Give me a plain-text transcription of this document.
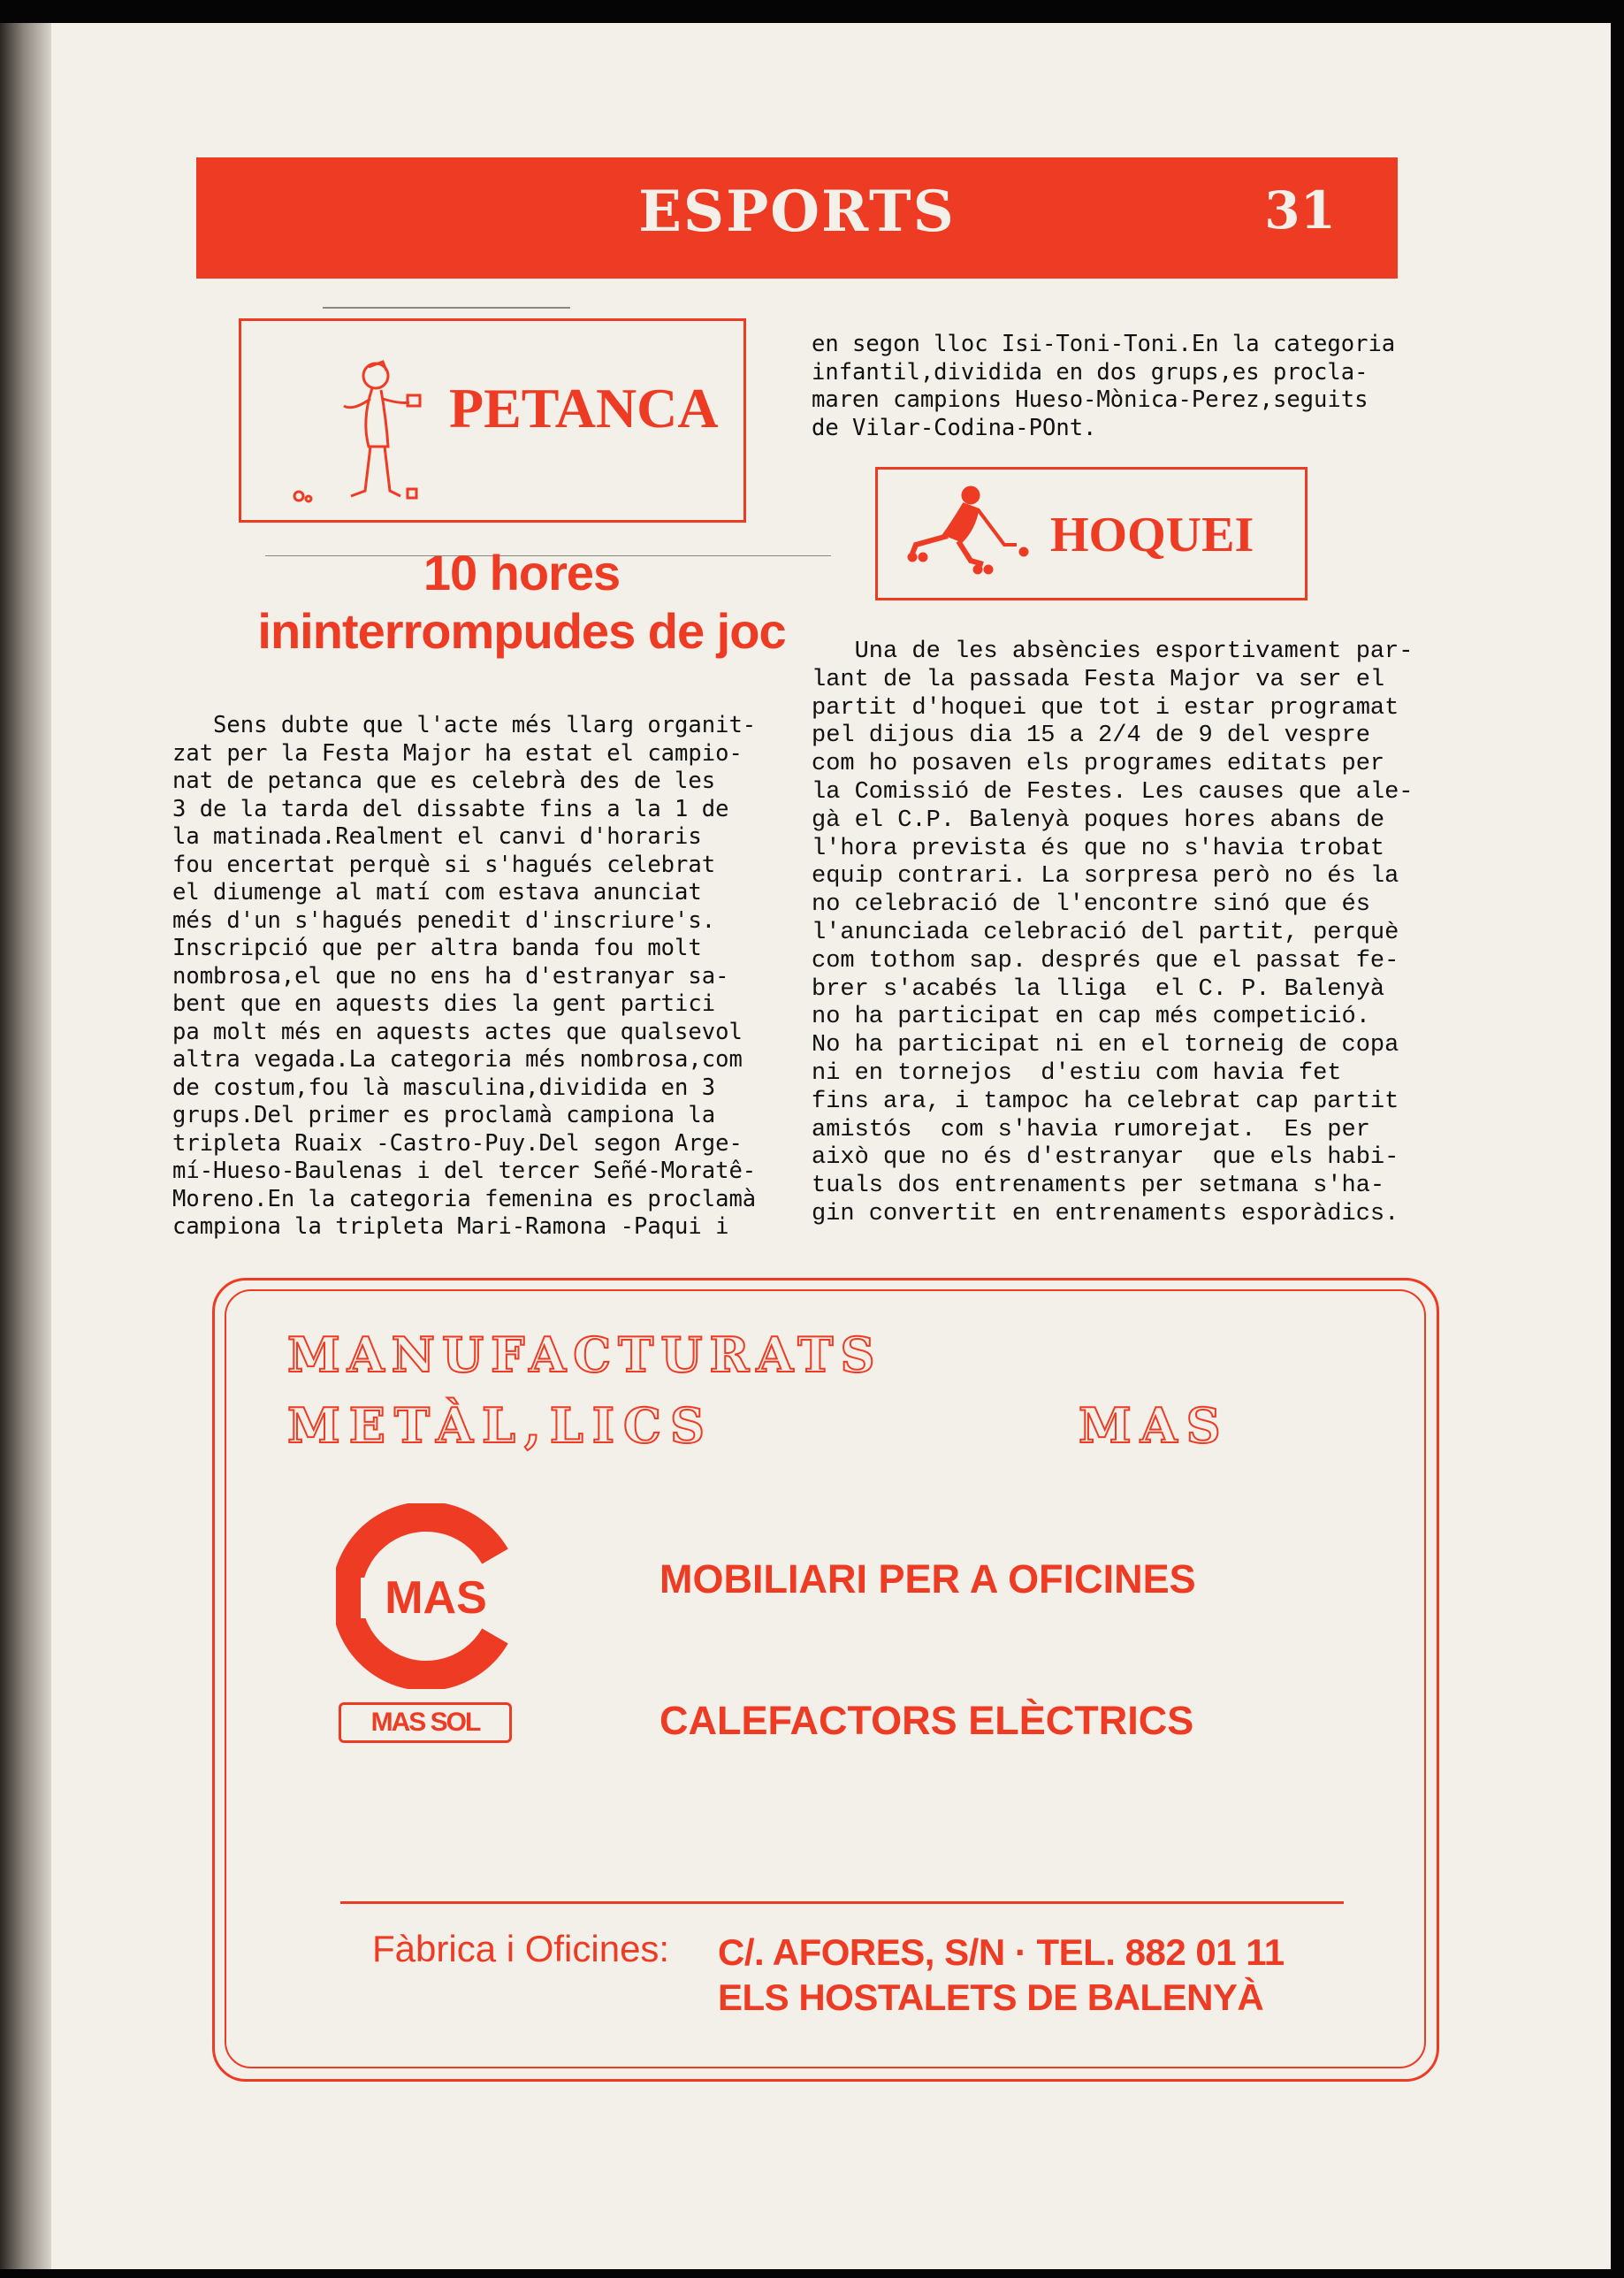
ESPORTS	31
PETANCA
10 hores
ininterrompudes de joc
Sens dubte que l'acte més llarg organit-
zat per la Festa Major ha estat el campio-
nat de petanca que es celebrà des de les
3 de la tarda del dissabte fins a la 1 de
la matinada.Realment el canvi d'horaris
fou encertat perquè si s'hagués celebrat
el diumenge al matí com estava anunciat
més d'un s'hagués penedit d'inscriure's.
Inscripció que per altra banda fou molt
nombrosa,el que no ens ha d'estranyar sa-
bent que en aquests dies la gent partici
pa molt més en aquests actes que qualsevol
altra vegada.La categoria més nombrosa,com
de costum,fou là masculina,dividida en 3
grups.Del primer es proclamà campiona la
tripleta Ruaix -Castro-Puy.Del segon Arge-
mí-Hueso-Baulenas i del tercer Señé-Moratê-
Moreno.En la categoria femenina es proclamà
campiona la tripleta Mari-Ramona -Paqui i
en segon lloc Isi-Toni-Toni.En la categoria
infantil,dividida en dos grups,es procla-
maren campions Hueso-Mònica-Perez,seguits
de Vilar-Codina-POnt.
HOQUEI
Una de les absències esportivament par-
lant de la passada Festa Major va ser el
partit d'hoquei que tot i estar programat
pel dijous dia 15 a 2/4 de 9 del vespre
com ho posaven els programes editats per
la Comissió de Festes. Les causes que ale-
gà el C.P. Balenyà poques hores abans de
l'hora prevista és que no s'havia trobat
equip contrari. La sorpresa però no és la
no celebració de l'encontre sinó que és
l'anunciada celebració del partit, perquè
com tothom sap. després que el passat fe-
brer s'acabés la lliga  el C. P. Balenyà
no ha participat en cap més competició.
No ha participat ni en el torneig de copa
ni en tornejos  d'estiu com havia fet
fins ara, i tampoc ha celebrat cap partit
amistós  com s'havia rumorejat.  Es per
això que no és d'estranyar  que els habi-
tuals dos entrenaments per setmana s'ha-
gin convertit en entrenaments esporàdics.
MANUFACTURATS
METÀL,LICS	MAS
MAS
MAS SOL
MOBILIARI PER A OFICINES
CALEFACTORS ELÈCTRICS
Fàbrica i Oficines: C/. AFORES, S/N · TEL. 882 01 11
ELS HOSTALETS DE BALENYÀ
